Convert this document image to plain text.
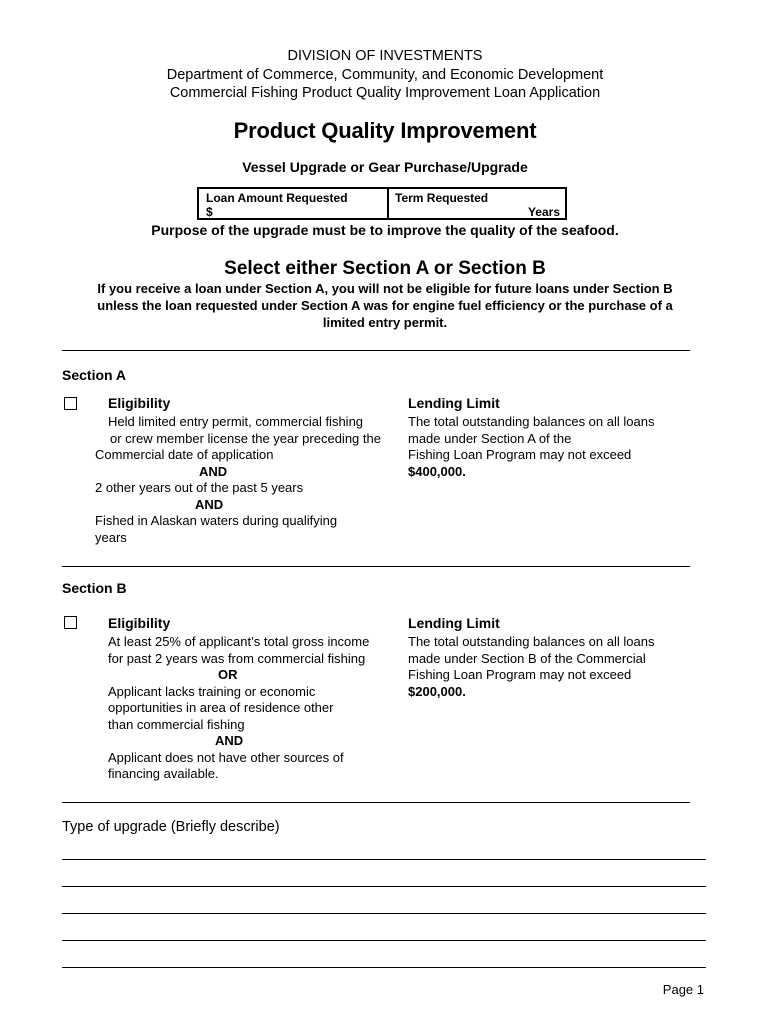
DIVISION OF INVESTMENTS
Department of Commerce, Community, and Economic Development
Commercial Fishing Product Quality Improvement Loan Application
Product Quality Improvement
Vessel Upgrade or Gear Purchase/Upgrade
Loan Amount Requested
$
Term Requested
Years
Purpose of the upgrade must be to improve the quality of the seafood.
Select either Section A or Section B
If you receive a loan under Section A, you will not be eligible for future loans under Section B
unless the loan requested under Section A was for engine fuel efficiency or the purchase of a
limited entry permit.
Section A
Eligibility	Lending Limit
Held limited entry permit, commercial fishing
or crew member license the year preceding the
Commercial date of application
AND
2 other years out of the past 5 years
AND
Fished in Alaskan waters during qualifying
years
The total outstanding balances on all loans
made under Section A of the
Fishing Loan Program may not exceed
$400,000.
Section B
Eligibility	Lending Limit
At least 25% of applicant’s total gross income
for past 2 years was from commercial fishing
OR
Applicant lacks training or economic
opportunities in area of residence other
than commercial fishing
AND
Applicant does not have other sources of
financing available.
The total outstanding balances on all loans
made under Section B of the Commercial
Fishing Loan Program may not exceed
$200,000.
Type of upgrade (Briefly describe)
Page 1
